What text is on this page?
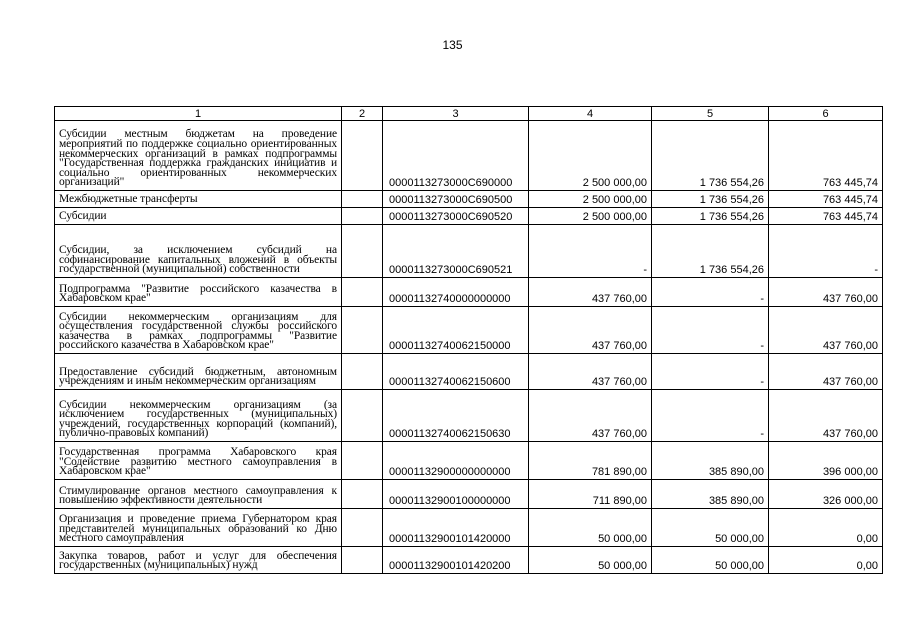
135
1	2	3	4	5	6
Субсидии местным бюджетам на проведение мероприятий по поддержке социально ориентированных некоммерческих организаций в рамках подпрограммы "Государственная поддержка гражданских инициатив и социально ориентированных некоммерческих организаций"		0000113273000С690000	2 500 000,00	1 736 554,26	763 445,74
Межбюджетные трансферты		0000113273000С690500	2 500 000,00	1 736 554,26	763 445,74
Субсидии		0000113273000С690520	2 500 000,00	1 736 554,26	763 445,74
Субсидии, за исключением субсидий на софинансирование капитальных вложений в объекты государственной (муниципальной) собственности		0000113273000С690521	-	1 736 554,26	-
Подпрограмма "Развитие российского казачества в Хабаровском крае"		00001132740000000000	437 760,00	-	437 760,00
Субсидии некоммерческим организациям для осуществления государственной службы российского казачества в рамках подпрограммы "Развитие российского казачества в Хабаровском крае"		00001132740062150000	437 760,00	-	437 760,00
Предоставление субсидий бюджетным, автономным учреждениям и иным некоммерческим организациям		00001132740062150600	437 760,00	-	437 760,00
Субсидии некоммерческим организациям (за исключением государственных (муниципальных) учреждений, государственных корпораций (компаний), публично-правовых компаний)		00001132740062150630	437 760,00	-	437 760,00
Государственная программа Хабаровского края "Содействие развитию местного самоуправления в Хабаровском крае"		00001132900000000000	781 890,00	385 890,00	396 000,00
Стимулирование органов местного самоуправления к повышению эффективности деятельности		00001132900100000000	711 890,00	385 890,00	326 000,00
Организация и проведение приема Губернатором края представителей муниципальных образований ко Дню местного самоуправления		00001132900101420000	50 000,00	50 000,00	0,00
Закупка товаров, работ и услуг для обеспечения государственных (муниципальных) нужд		00001132900101420200	50 000,00	50 000,00	0,00
